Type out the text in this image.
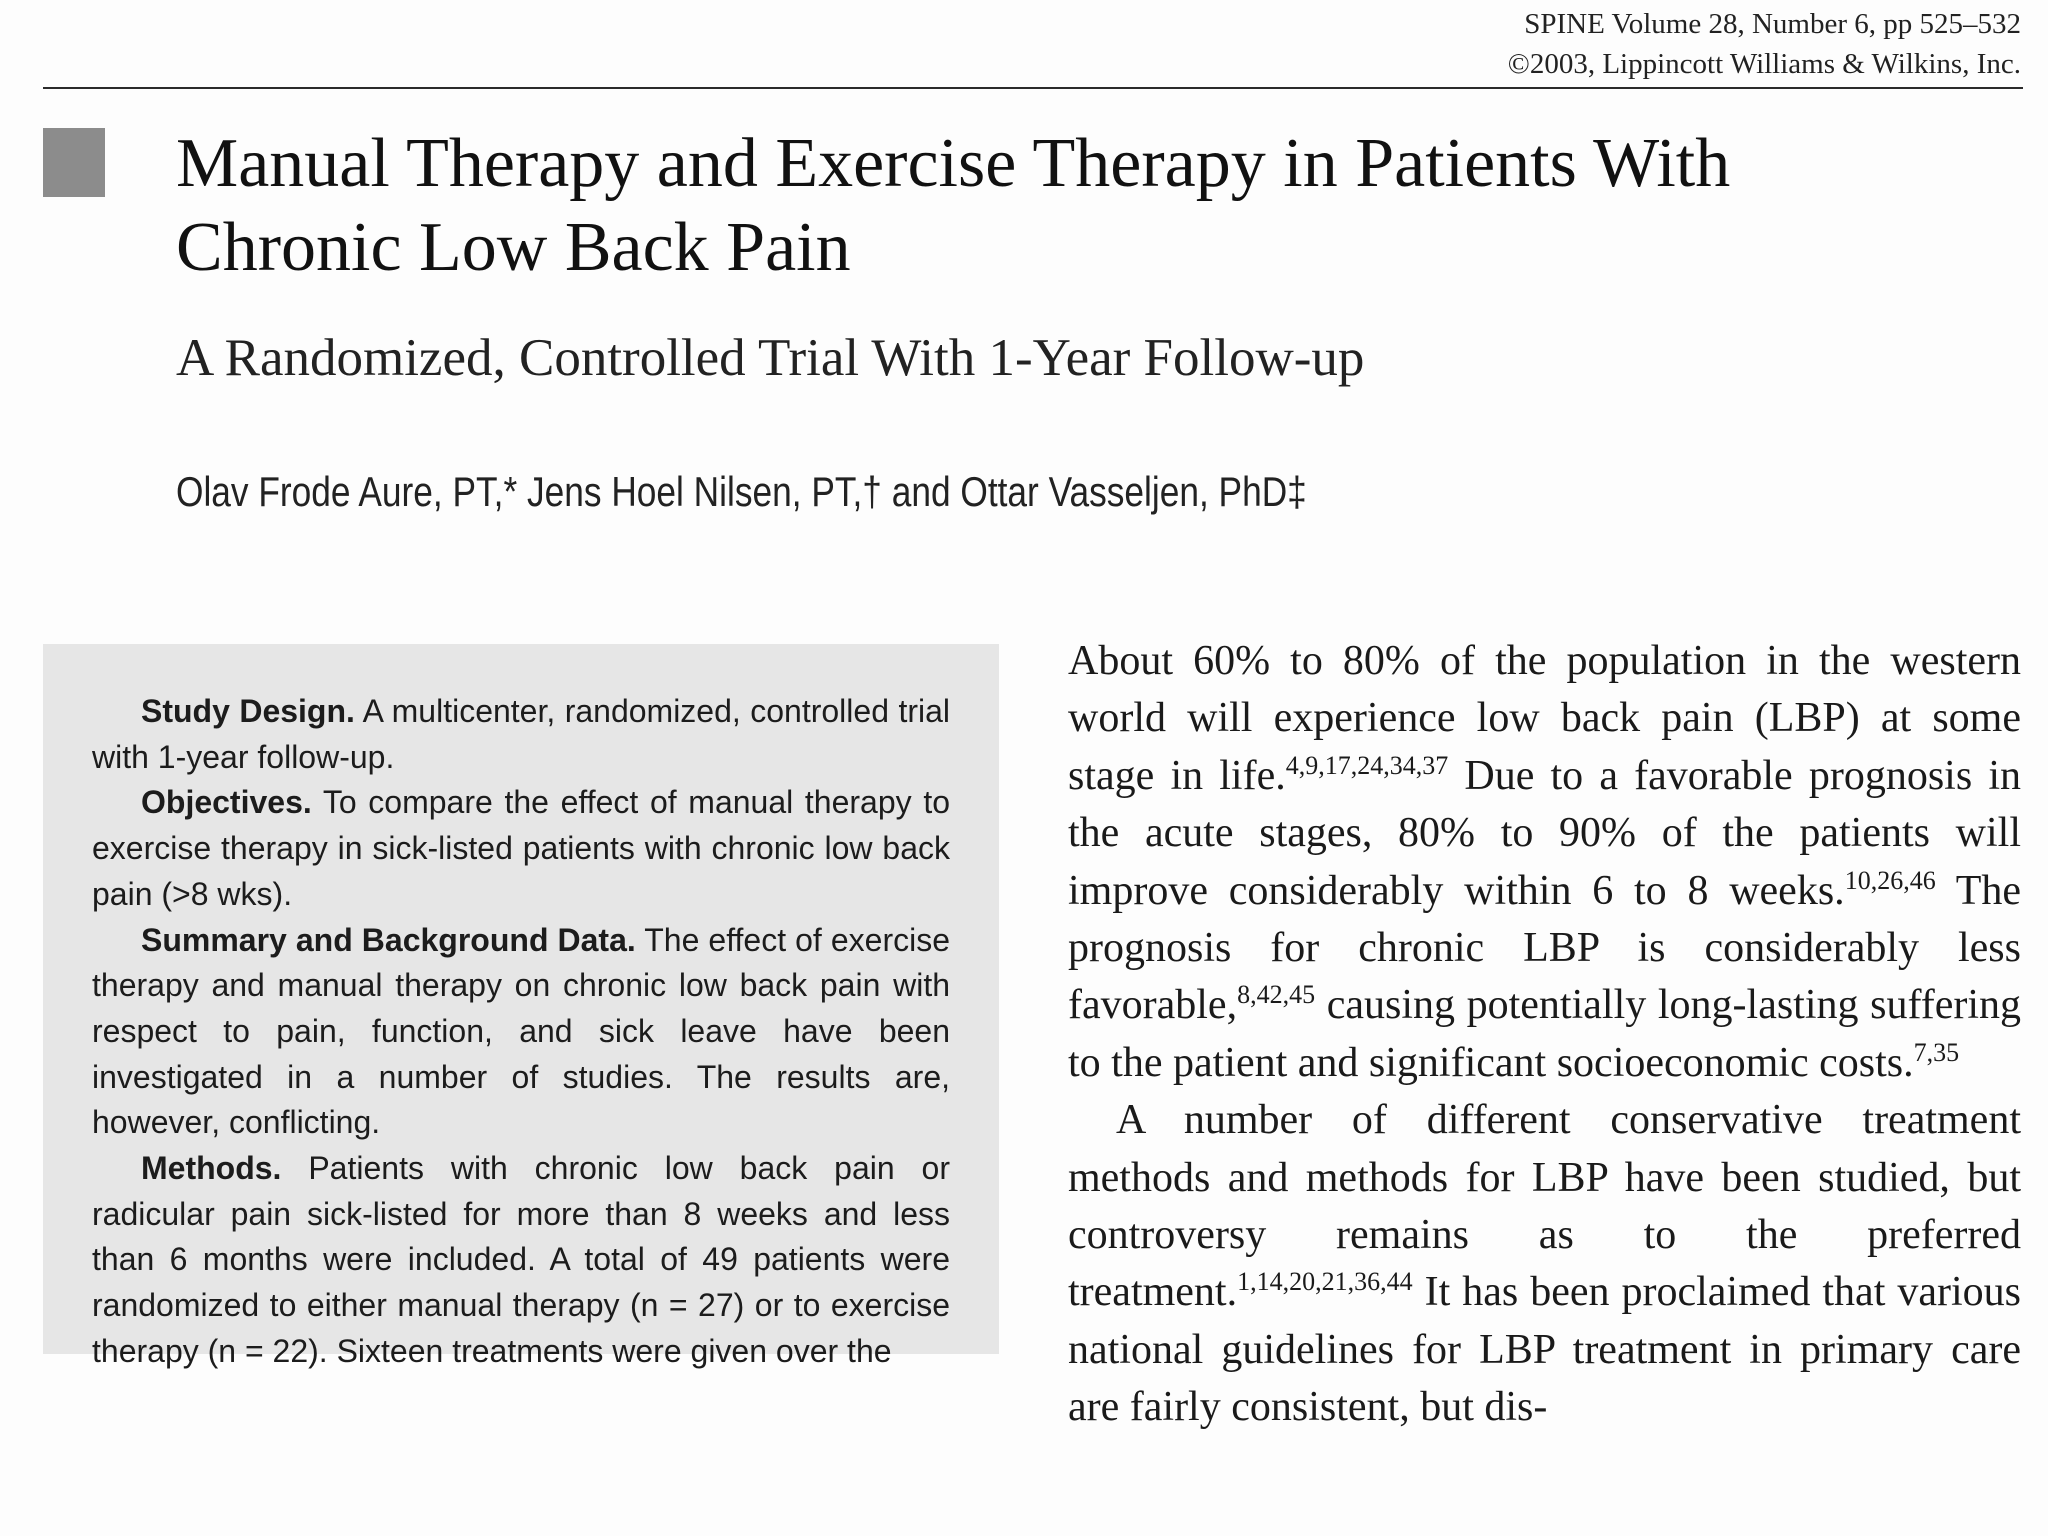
SPINE Volume 28, Number 6, pp 525–532
©2003, Lippincott Williams & Wilkins, Inc.
Manual Therapy and Exercise Therapy in Patients With Chronic Low Back Pain
A Randomized, Controlled Trial With 1-Year Follow-up
Olav Frode Aure, PT,* Jens Hoel Nilsen, PT,† and Ottar Vasseljen, PhD‡

Study Design. A multicenter, randomized, controlled trial with 1-year follow-up.

Objectives. To compare the effect of manual therapy to exercise therapy in sick-listed patients with chronic low back pain (>8 wks).

Summary and Background Data. The effect of exercise therapy and manual therapy on chronic low back pain with respect to pain, function, and sick leave have been investigated in a number of studies. The results are, however, conflicting.

Methods. Patients with chronic low back pain or radicular pain sick-listed for more than 8 weeks and less than 6 months were included. A total of 49 patients were randomized to either manual therapy (n = 27) or to exercise therapy (n = 22). Sixteen treatments were given over the

About 60% to 80% of the population in the western world will experience low back pain (LBP) at some stage in life.$^{4,9,17,24,34,37}$ Due to a favorable prognosis in the acute stages, 80% to 90% of the patients will improve considerably within 6 to 8 weeks.$^{10,26,46}$ The prognosis for chronic LBP is considerably less favorable,$^{8,42,45}$ causing potentially long-lasting suffering to the patient and significant socioeconomic costs.$^{7,35}$

A number of different conservative treatment methods and methods for LBP have been studied, but controversy remains as to the preferred treatment.$^{1,14,20,21,36,44}$ It has been proclaimed that various national guidelines for LBP treatment in primary care are fairly consistent, but dis-
